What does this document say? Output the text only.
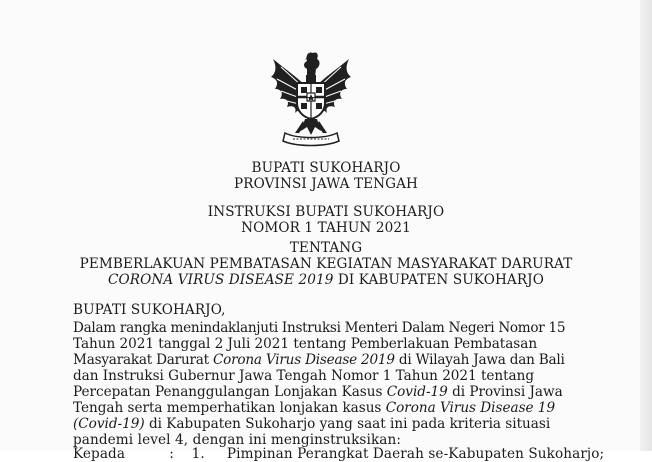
BUPATI SUKOHARJO
PROVINSI JAWA TENGAH
INSTRUKSI BUPATI SUKOHARJO
NOMOR 1 TAHUN 2021
TENTANG
PEMBERLAKUAN PEMBATASAN KEGIATAN MASYARAKAT DARURAT
CORONA VIRUS DISEASE 2019 DI KABUPATEN SUKOHARJO
BUPATI SUKOHARJO,
Dalam rangka menindaklanjuti Instruksi Menteri Dalam Negeri Nomor 15
Tahun 2021 tanggal 2 Juli 2021 tentang Pemberlakuan Pembatasan
Masyarakat Darurat Corona Virus Disease 2019 di Wilayah Jawa dan Bali
dan Instruksi Gubernur Jawa Tengah Nomor 1 Tahun 2021 tentang
Percepatan Penanggulangan Lonjakan Kasus Covid-19 di Provinsi Jawa
Tengah serta memperhatikan lonjakan kasus Corona Virus Disease 19
(Covid-19) di Kabupaten Sukoharjo yang saat ini pada kriteria situasi
pandemi level 4, dengan ini menginstruksikan:
Kepada          :    1.     Pimpinan Perangkat Daerah se-Kabupaten Sukoharjo;
